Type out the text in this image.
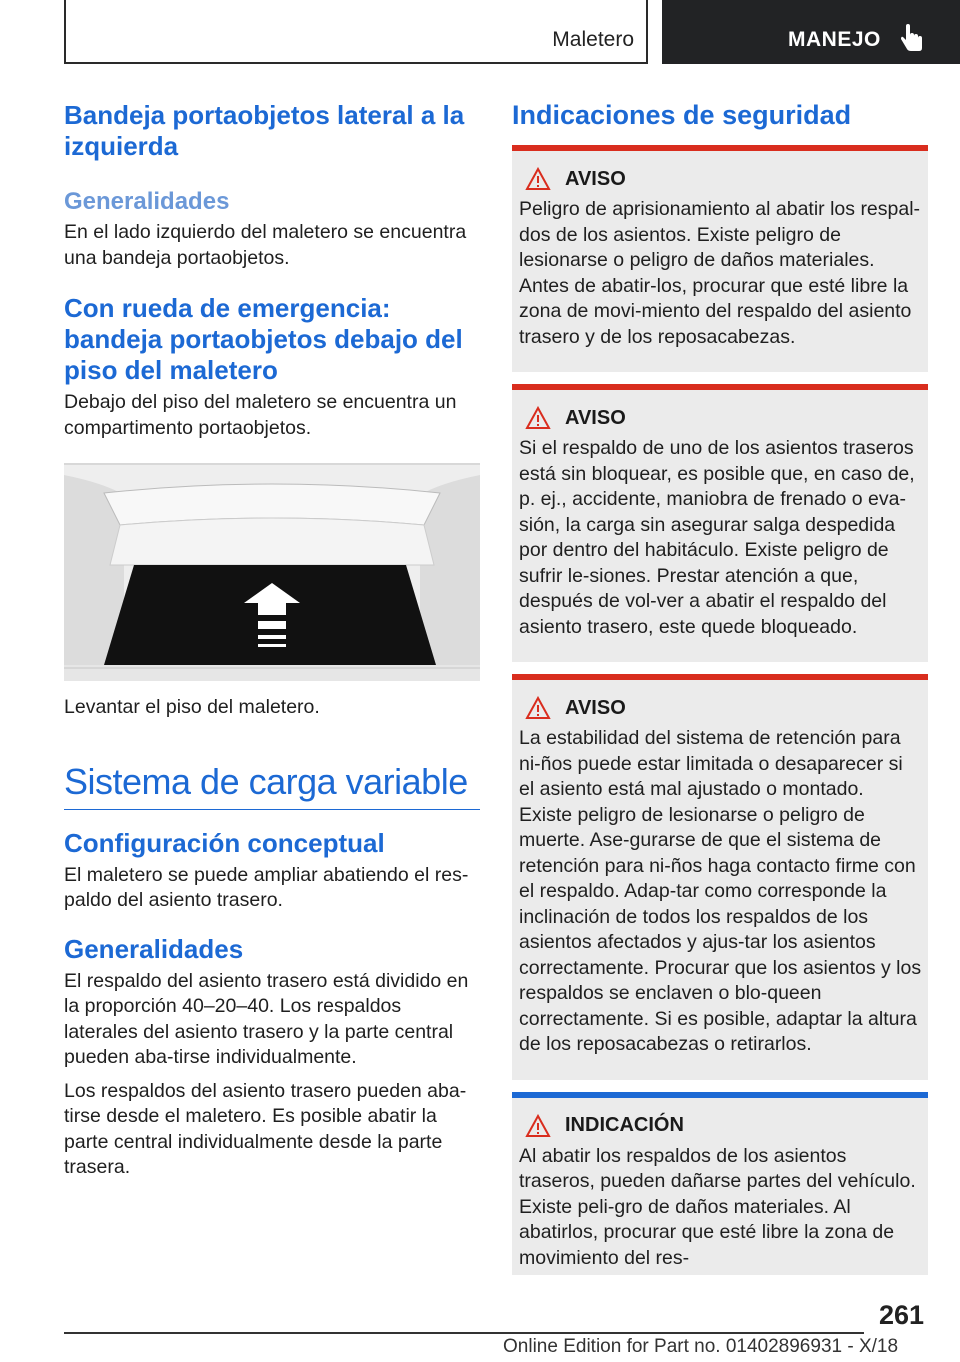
Maletero	MANEJO
Bandeja portaobjetos lateral a la izquierda
Generalidades

En el lado izquierdo del maletero se encuentra una bandeja portaobjetos.

Con rueda de emergencia: bandeja portaobjetos debajo del piso del maletero

Debajo del piso del maletero se encuentra un compartimento portaobjetos.

Levantar el piso del maletero.

Sistema de carga variable
Configuración conceptual

El maletero se puede ampliar abatiendo el res-paldo del asiento trasero.

Generalidades

El respaldo del asiento trasero está dividido en la proporción 40–20–40. Los respaldos laterales del asiento trasero y la parte central pueden aba-tirse individualmente.

Los respaldos del asiento trasero pueden aba-tirse desde el maletero. Es posible abatir la parte central individualmente desde la parte trasera.

Indicaciones de seguridad
AVISO

Peligro de aprisionamiento al abatir los respal-dos de los asientos. Existe peligro de lesionarse o peligro de daños materiales. Antes de abatir-los, procurar que esté libre la zona de movi-miento del respaldo del asiento trasero y de los reposacabezas.

AVISO

Si el respaldo de uno de los asientos traseros está sin bloquear, es posible que, en caso de, p. ej., accidente, maniobra de frenado o eva-sión, la carga sin asegurar salga despedida por dentro del habitáculo. Existe peligro de sufrir le-siones. Prestar atención a que, después de vol-ver a abatir el respaldo del asiento trasero, este quede bloqueado.

AVISO

La estabilidad del sistema de retención para ni-ños puede estar limitada o desaparecer si el asiento está mal ajustado o montado. Existe peligro de lesionarse o peligro de muerte. Ase-gurarse de que el sistema de retención para ni-ños haga contacto firme con el respaldo. Adap-tar como corresponde la inclinación de todos los respaldos de los asientos afectados y ajus-tar los asientos correctamente. Procurar que los asientos y los respaldos se enclaven o blo-queen correctamente. Si es posible, adaptar la altura de los reposacabezas o retirarlos.

INDICACIÓN

Al abatir los respaldos de los asientos traseros, pueden dañarse partes del vehículo. Existe peli-gro de daños materiales. Al abatirlos, procurar que esté libre la zona de movimiento del res-

261
Online Edition for Part no. 01402896931 - X/18
